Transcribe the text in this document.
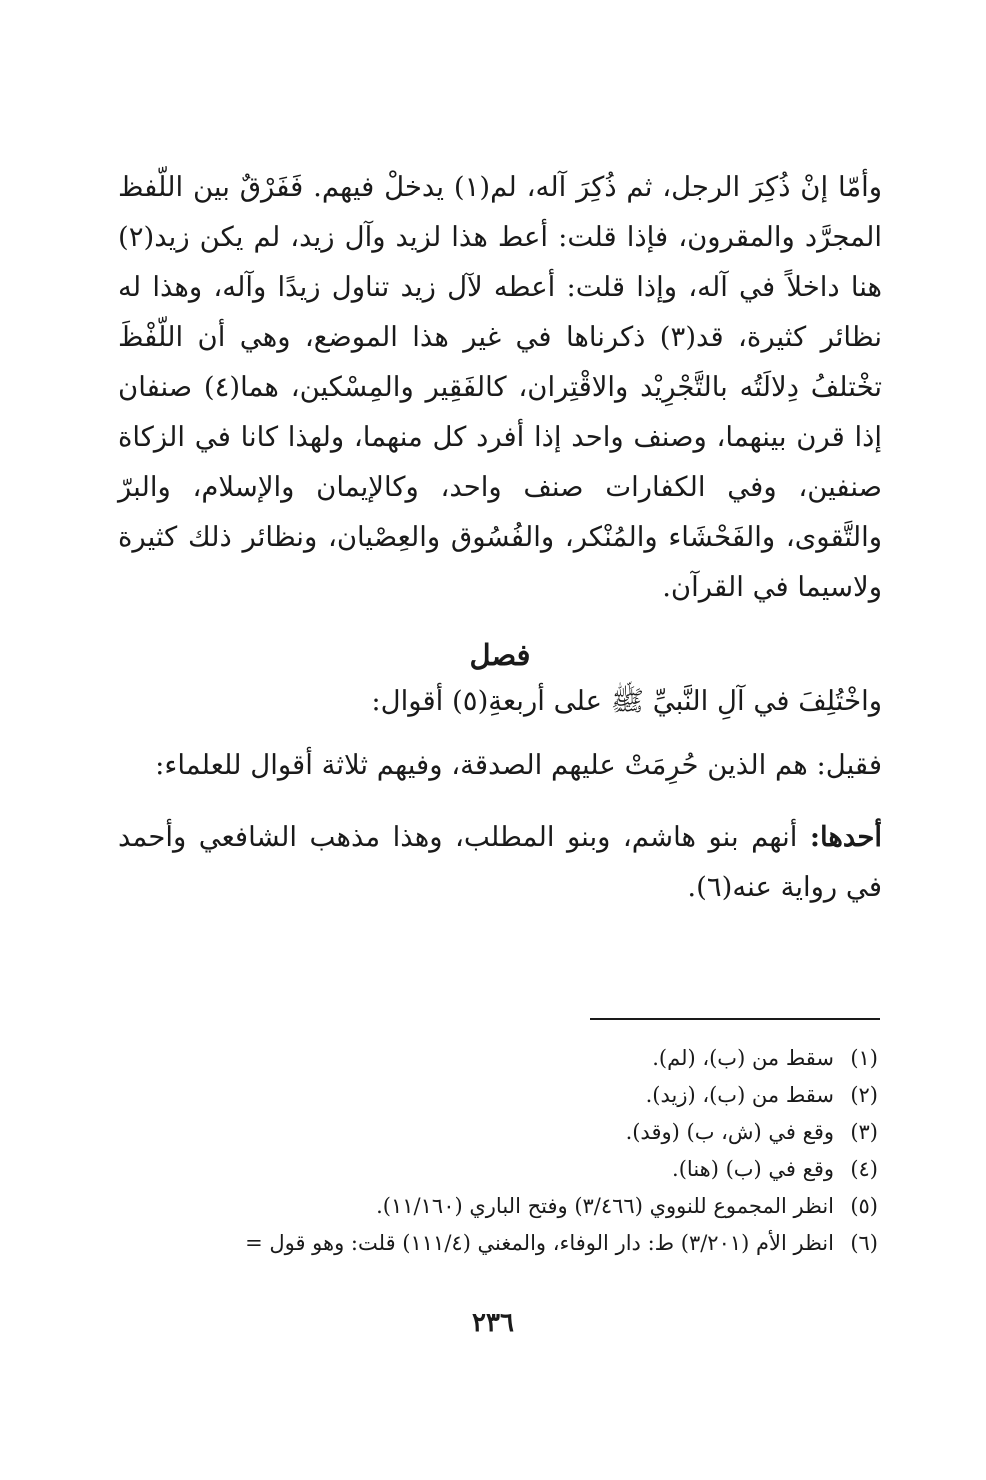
وأمّا إنْ ذُكِرَ الرجل، ثم ذُكِرَ آله، لم(١) يدخلْ فيهم. فَفَرْقٌ بين اللّفظ المجرَّد والمقرون، فإذا قلت: أعط هذا لزيد وآل زيد، لم يكن زيد(٢) هنا داخلاً في آله، وإذا قلت: أعطه لآل زيد تناول زيدًا وآله، وهذا له نظائر كثيرة، قد(٣) ذكرناها في غير هذا الموضع، وهي أن اللّفْظَ تخْتلفُ دِلالَتُه بالتَّجْرِيْد والاقْتِران، كالفَقِير والمِسْكين، هما(٤) صنفان إذا قرن بينهما، وصنف واحد إذا أفرد كل منهما، ولهذا كانا في الزكاة صنفين، وفي الكفارات صنف واحد، وكالإيمان والإسلام، والبرّ والتَّقوى، والفَحْشَاء والمُنْكر، والفُسُوق والعِصْيان، ونظائر ذلك كثيرة ولاسيما في القرآن.

فصل

واخْتُلِفَ في آلِ النَّبيِّ ﷺ على أربعةِ(٥) أقوال:

فقيل: هم الذين حُرِمَتْ عليهم الصدقة، وفيهم ثلاثة أقوال للعلماء:

أحدها: أنهم بنو هاشم، وبنو المطلب، وهذا مذهب الشافعي وأحمد في رواية عنه(٦).

(١)
سقط من (ب)، (لم).
(٢)
سقط من (ب)، (زيد).
(٣)
وقع في (ش، ب) (وقد).
(٤)
وقع في (ب) (هنا).
(٥)
انظر المجموع للنووي (٣/٤٦٦) وفتح الباري (١١/١٦٠).
(٦)
انظر الأم (٣/٢٠١) ط: دار الوفاء، والمغني (١١١/٤) قلت: وهو قول =
٢٣٦
